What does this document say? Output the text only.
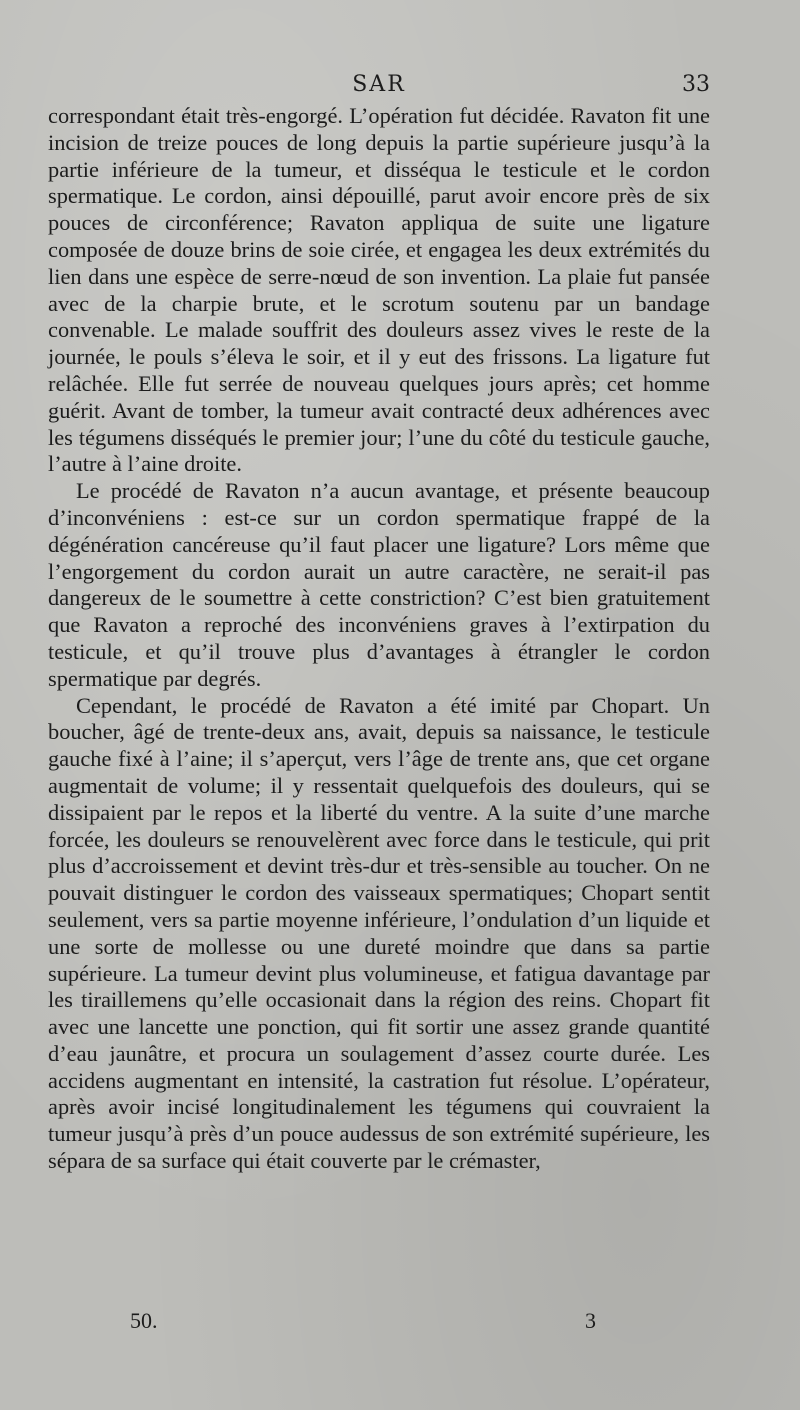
SAR	33

correspondant était très-engorgé. L’opération fut décidée. Ravaton fit une incision de treize pouces de long depuis la partie supérieure jusqu’à la partie inférieure de la tumeur, et disséqua le testicule et le cordon spermatique. Le cordon, ainsi dépouillé, parut avoir encore près de six pouces de circonférence; Ravaton appliqua de suite une ligature composée de douze brins de soie cirée, et engagea les deux extrémités du lien dans une espèce de serre-nœud de son invention. La plaie fut pansée avec de la charpie brute, et le scrotum soutenu par un bandage convenable. Le malade souffrit des douleurs assez vives le reste de la journée, le pouls s’éleva le soir, et il y eut des frissons. La ligature fut relâchée. Elle fut serrée de nouveau quelques jours après; cet homme guérit. Avant de tomber, la tumeur avait contracté deux adhérences avec les tégumens disséqués le premier jour; l’une du côté du testicule gauche, l’autre à l’aine droite.

Le procédé de Ravaton n’a aucun avantage, et présente beaucoup d’inconvéniens : est-ce sur un cordon spermatique frappé de la dégénération cancéreuse qu’il faut placer une ligature? Lors même que l’engorgement du cordon aurait un autre caractère, ne serait-il pas dangereux de le soumettre à cette constriction? C’est bien gratuitement que Ravaton a reproché des inconvéniens graves à l’extirpation du testicule, et qu’il trouve plus d’avantages à étrangler le cordon spermatique par degrés.

Cependant, le procédé de Ravaton a été imité par Chopart. Un boucher, âgé de trente-deux ans, avait, depuis sa naissance, le testicule gauche fixé à l’aine; il s’aperçut, vers l’âge de trente ans, que cet organe augmentait de volume; il y ressentait quelquefois des douleurs, qui se dissipaient par le repos et la liberté du ventre. A la suite d’une marche forcée, les douleurs se renouvelèrent avec force dans le testicule, qui prit plus d’accroissement et devint très-dur et très-sensible au toucher. On ne pouvait distinguer le cordon des vaisseaux spermatiques; Chopart sentit seulement, vers sa partie moyenne inférieure, l’ondulation d’un liquide et une sorte de mollesse ou une dureté moindre que dans sa partie supérieure. La tumeur devint plus volumineuse, et fatigua davantage par les tiraillemens qu’elle occasionait dans la région des reins. Chopart fit avec une lancette une ponction, qui fit sortir une assez grande quantité d’eau jaunâtre, et procura un soulagement d’assez courte durée. Les accidens augmentant en intensité, la castration fut résolue. L’opérateur, après avoir incisé longitudinalement les tégumens qui couvraient la tumeur jusqu’à près d’un pouce audessus de son extrémité supérieure, les sépara de sa surface qui était couverte par le crémaster,

50.	3
